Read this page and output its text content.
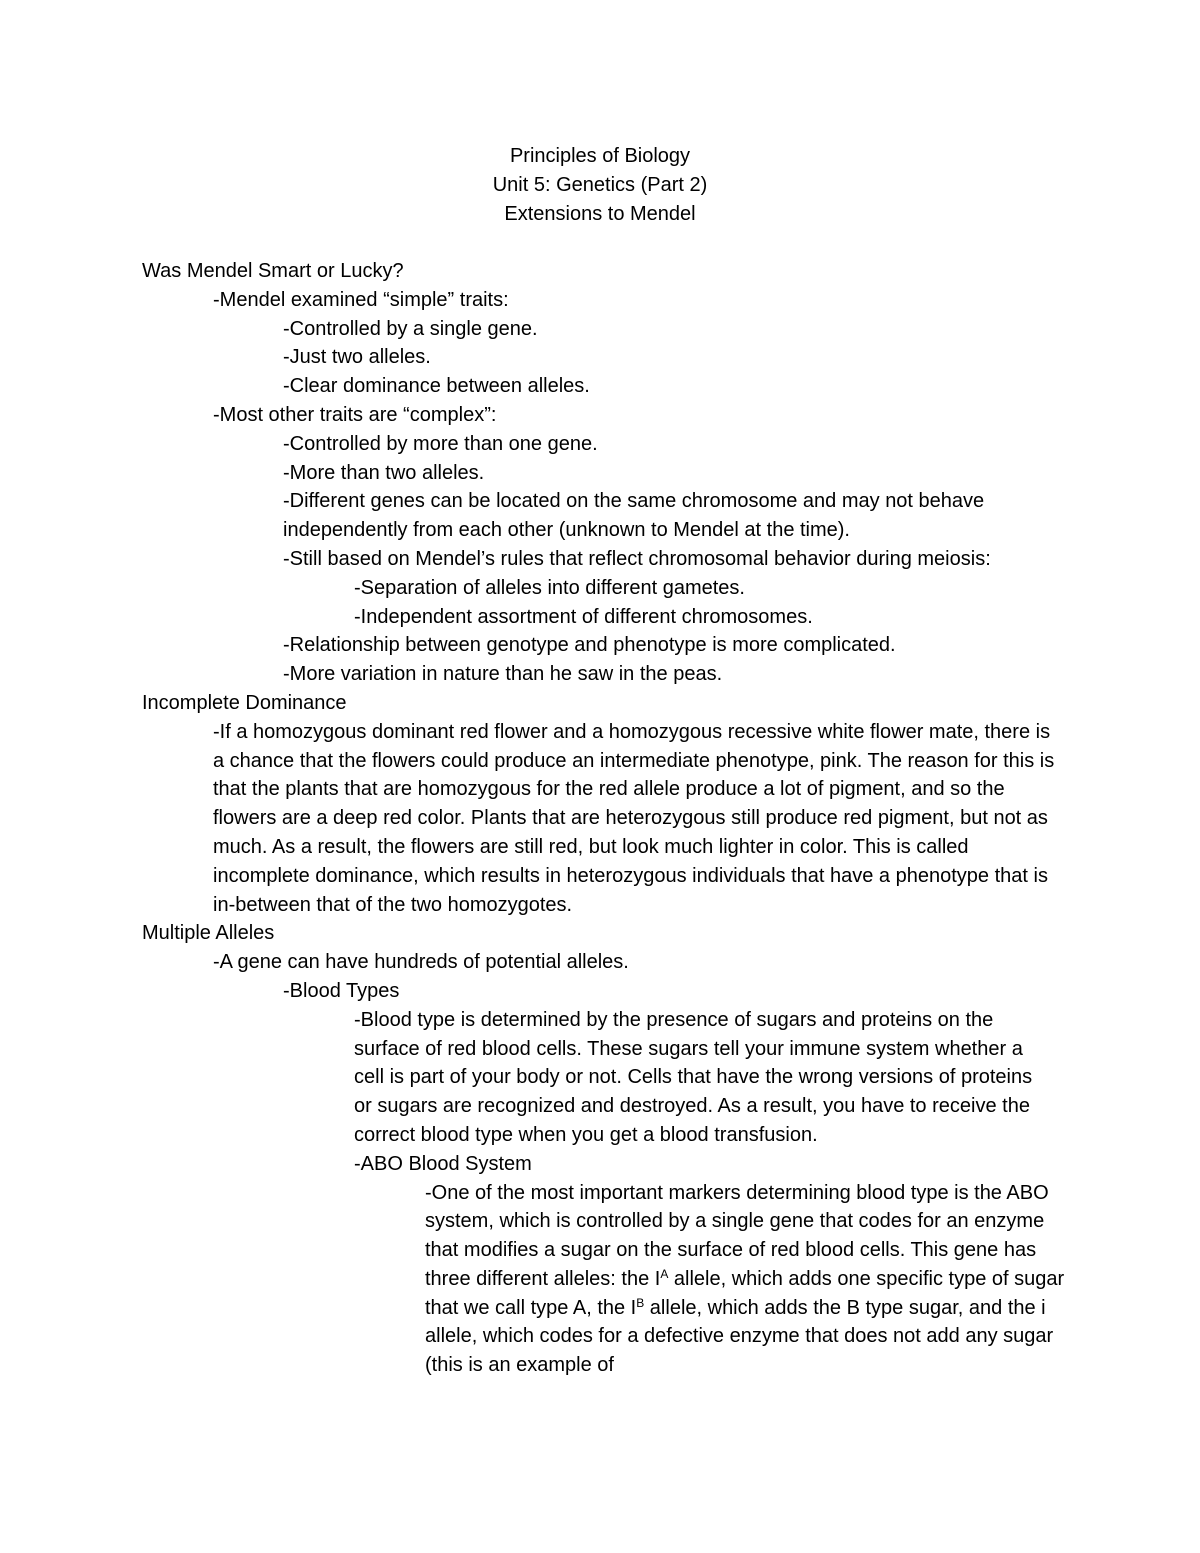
Principles of Biology
Unit 5: Genetics (Part 2)
Extensions to Mendel
Was Mendel Smart or Lucky?
-Mendel examined “simple” traits:
-Controlled by a single gene.
-Just two alleles.
-Clear dominance between alleles.
-Most other traits are “complex”:
-Controlled by more than one gene.
-More than two alleles.
-Different genes can be located on the same chromosome and may not behave independently from each other (unknown to Mendel at the time).
-Still based on Mendel’s rules that reflect chromosomal behavior during meiosis:
-Separation of alleles into different gametes.
-Independent assortment of different chromosomes.
-Relationship between genotype and phenotype is more complicated.
-More variation in nature than he saw in the peas.
Incomplete Dominance
-If a homozygous dominant red flower and a homozygous recessive white flower mate, there is a chance that the flowers could produce an intermediate phenotype, pink. The reason for this is that the plants that are homozygous for the red allele produce a lot of pigment, and so the flowers are a deep red color. Plants that are heterozygous still produce red pigment, but not as much. As a result, the flowers are still red, but look much lighter in color. This is called incomplete dominance, which results in heterozygous individuals that have a phenotype that is in-between that of the two homozygotes.
Multiple Alleles
-A gene can have hundreds of potential alleles.
-Blood Types
-Blood type is determined by the presence of sugars and proteins on the surface of red blood cells. These sugars tell your immune system whether a cell is part of your body or not. Cells that have the wrong versions of proteins or sugars are recognized and destroyed. As a result, you have to receive the correct blood type when you get a blood transfusion.
-ABO Blood System
-One of the most important markers determining blood type is the ABO system, which is controlled by a single gene that codes for an enzyme that modifies a sugar on the surface of red blood cells. This gene has three different alleles: the $I^A$ allele, which adds one specific type of sugar that we call type A, the $I^B$ allele, which adds the B type sugar, and the i allele, which codes for a defective enzyme that does not add any sugar (this is an example of
